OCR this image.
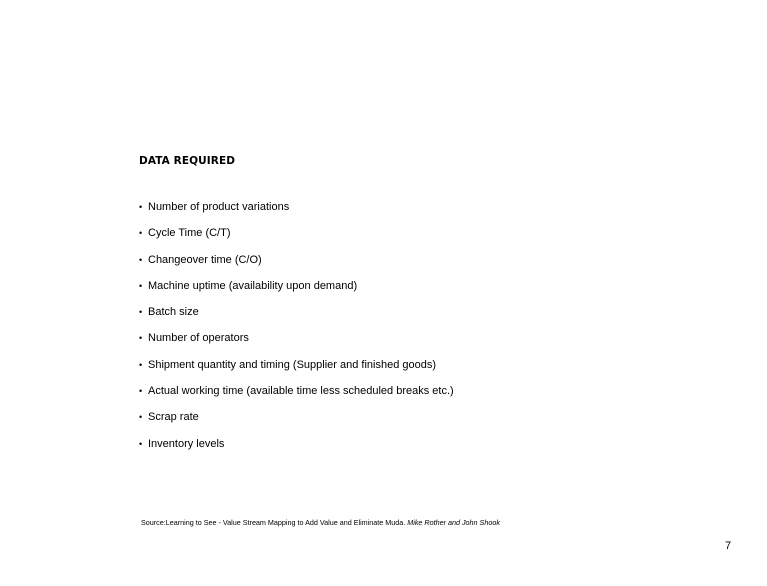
DATA REQUIRED
• Number of product variations
• Cycle Time (C/T)
• Changeover time (C/O)
• Machine uptime (availability upon demand)
• Batch size
• Number of operators
• Shipment quantity and timing (Supplier and finished goods)
• Actual working time (available time less scheduled breaks etc.)
• Scrap rate
• Inventory levels
Source:Learning to See - Value Stream Mapping to Add Value and Eliminate Muda. Mike Rother and John Shook
7
